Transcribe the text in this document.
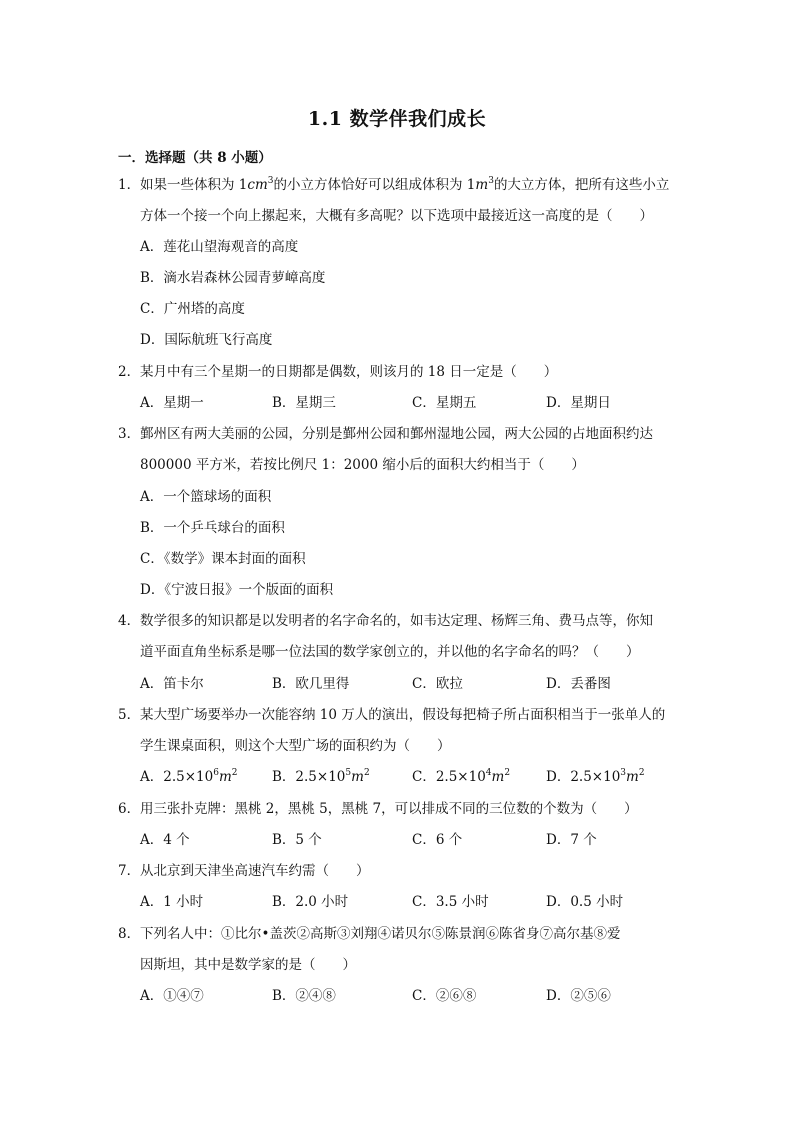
1.1 数学伴我们成长
一．选择题（共 8 小题）
1．如果一些体积为 $1cm^3$的小立方体恰好可以组成体积为 $1m^3$的大立方体，把所有这些小立
方体一个接一个向上摞起来，大概有多高呢？以下选项中最接近这一高度的是（　　）
A．莲花山望海观音的高度
B．滴水岩森林公园青萝嶂高度
C．广州塔的高度
D．国际航班飞行高度
2．某月中有三个星期一的日期都是偶数，则该月的 18 日一定是（　　）
A．星期一	B．星期三	C．星期五	D．星期日
3．鄞州区有两大美丽的公园，分别是鄞州公园和鄞州湿地公园，两大公园的占地面积约达
800000 平方米，若按比例尺 1：2000 缩小后的面积大约相当于（　　）
A．一个篮球场的面积
B．一个乒乓球台的面积
C．《数学》课本封面的面积
D．《宁波日报》一个版面的面积
4．数学很多的知识都是以发明者的名字命名的，如韦达定理、杨辉三角、费马点等，你知
道平面直角坐标系是哪一位法国的数学家创立的，并以他的名字命名的吗？（　　）
A．笛卡尔	B．欧几里得	C．欧拉	D．丢番图
5．某大型广场要举办一次能容纳 10 万人的演出，假设每把椅子所占面积相当于一张单人的
学生课桌面积，则这个大型广场的面积约为（　　）
A．$2.5\times 10^6m^2$	B．$2.5\times 10^5m^2$	C．$2.5\times 10^4m^2$	D．$2.5\times 10^3m^2$
6．用三张扑克牌：黑桃 2，黑桃 5，黑桃 7，可以排成不同的三位数的个数为（　　）
A．4 个	B．5 个	C．6 个	D．7 个
7．从北京到天津坐高速汽车约需（　　）
A．1 小时	B．2.0 小时	C．3.5 小时	D．0.5 小时
8．下列名人中：①比尔•盖茨②高斯③刘翔④诺贝尔⑤陈景润⑥陈省身⑦高尔基⑧爱
因斯坦，其中是数学家的是（　　）
A．①④⑦	B．②④⑧	C．②⑥⑧	D．②⑤⑥
